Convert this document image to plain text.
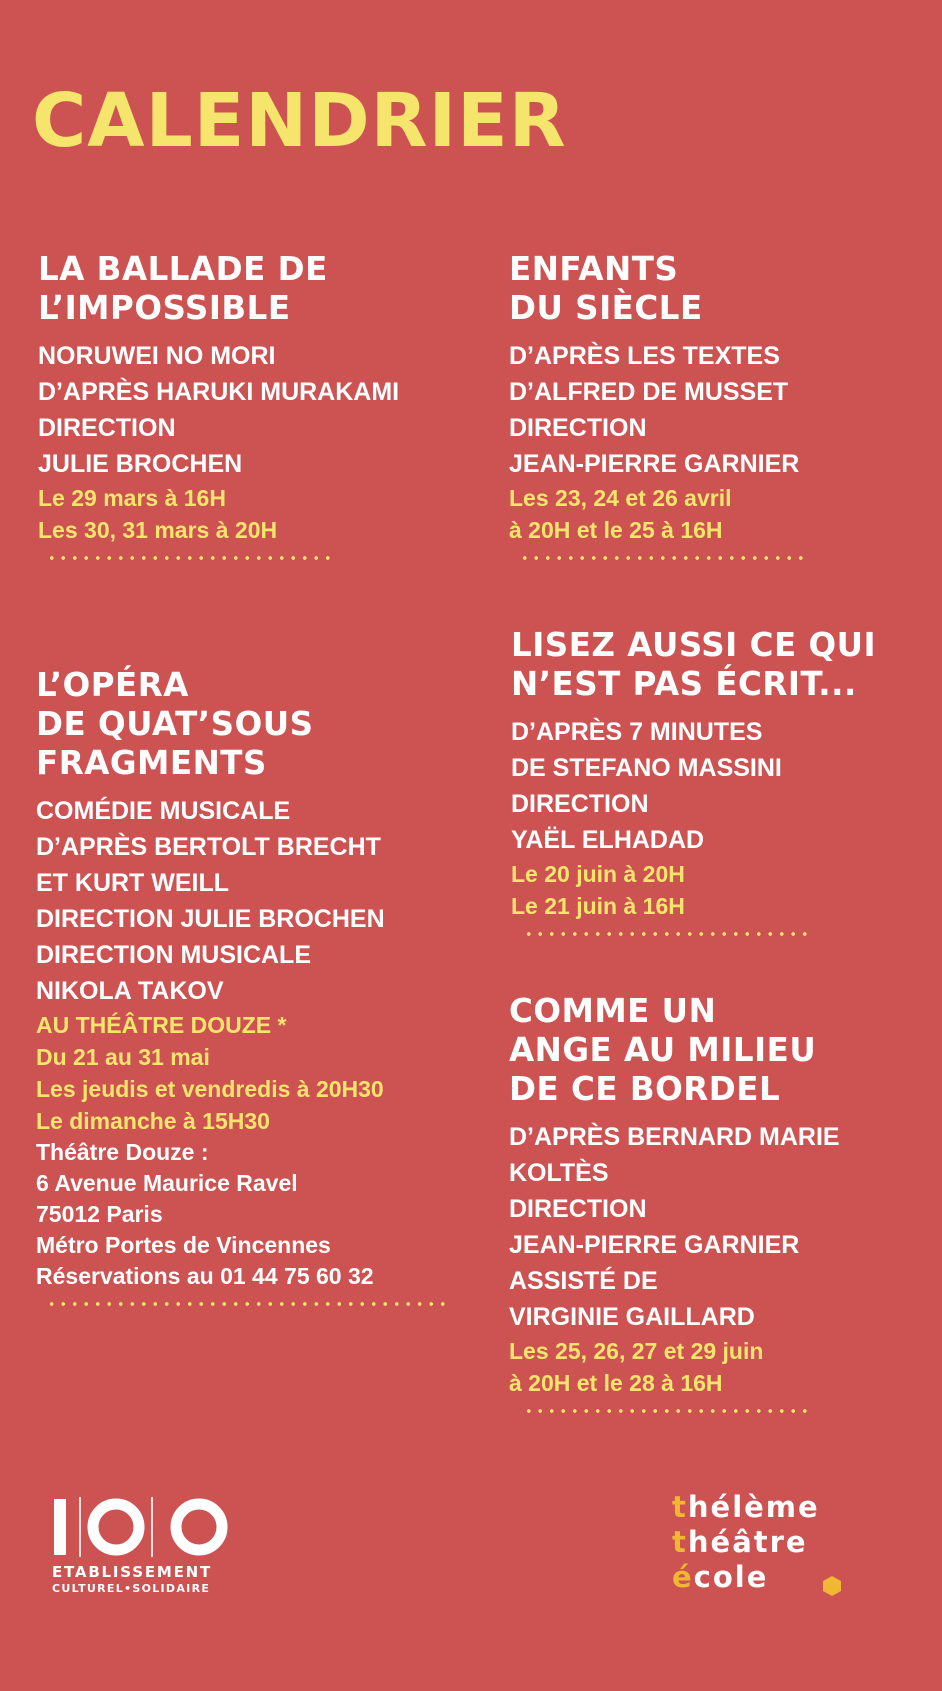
CALENDRIER
LA BALLADE DE
L’IMPOSSIBLE
NORUWEI NO MORI
D’APRÈS HARUKI MURAKAMI
DIRECTION
JULIE BROCHEN
Le 29 mars à 16H
Les 30, 31 mars à 20H
ENFANTS
DU SIÈCLE
D’APRÈS LES TEXTES
D’ALFRED DE MUSSET
DIRECTION
JEAN-PIERRE GARNIER
Les 23, 24 et 26 avril
à 20H et le 25 à 16H
L’OPÉRA
DE QUAT’SOUS
FRAGMENTS
COMÉDIE MUSICALE
D’APRÈS BERTOLT BRECHT
ET KURT WEILL
DIRECTION JULIE BROCHEN
DIRECTION MUSICALE
NIKOLA TAKOV
AU THÉÂTRE DOUZE *
Du 21 au 31 mai
Les jeudis et vendredis à 20H30
Le dimanche à 15H30
Théâtre Douze :
6 Avenue Maurice Ravel
75012 Paris
Métro Portes de Vincennes
Réservations au 01 44 75 60 32
LISEZ AUSSI CE QUI
N’EST PAS ÉCRIT...
D’APRÈS 7 MINUTES
DE STEFANO MASSINI
DIRECTION
YAËL ELHADAD
Le 20 juin à 20H
Le 21 juin à 16H
COMME UN
ANGE AU MILIEU
DE CE BORDEL
D’APRÈS BERNARD MARIE
KOLTÈS
DIRECTION
JEAN-PIERRE GARNIER
ASSISTÉ DE
VIRGINIE GAILLARD
Les 25, 26, 27 et 29 juin
à 20H et le 28 à 16H
ETABLISSEMENT
CULTUREL•SOLIDAIRE
thélème
théâtre
école
